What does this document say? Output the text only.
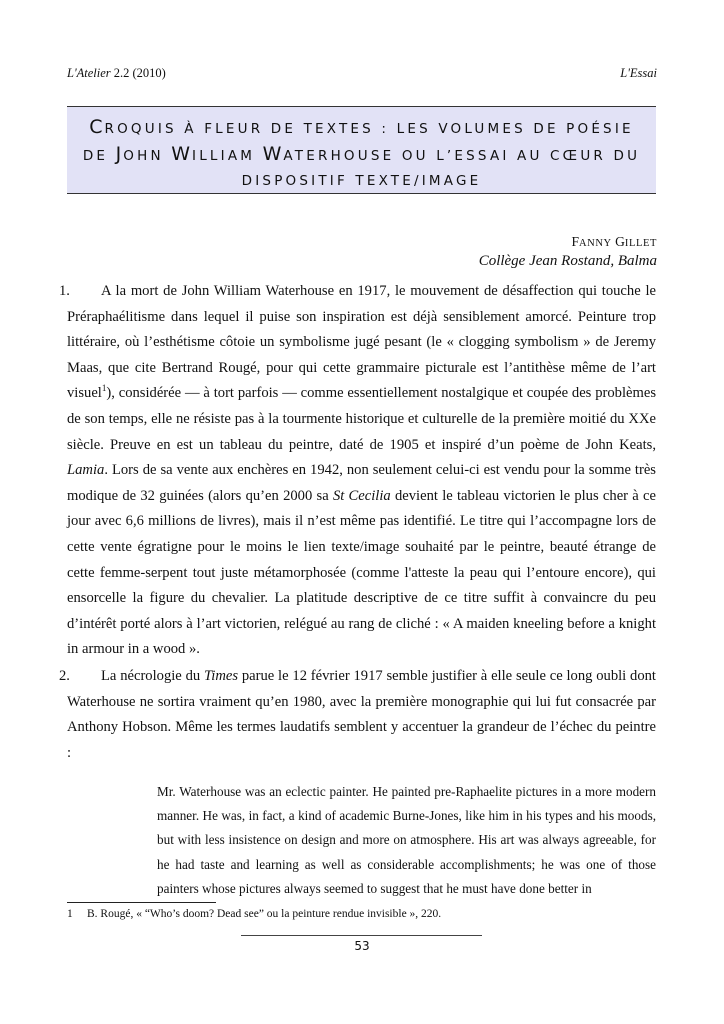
L'Atelier 2.2 (2010)	L'Essai
CROQUIS À FLEUR DE TEXTES : LES VOLUMES DE POÉSIE
DE JOHN WILLIAM WATERHOUSE OU L’ESSAI AU CŒUR DU
DISPOSITIF TEXTE/IMAGE
FANNY GILLET
Collège Jean Rostand, Balma
1.	A la mort de John William Waterhouse en 1917, le mouvement de désaffection qui touche le Préraphaélitisme dans lequel il puise son inspiration est déjà sensiblement amorcé. Peinture trop littéraire, où l’esthétisme côtoie un symbolisme jugé pesant (le « clogging symbolism » de Jeremy Maas, que cite Bertrand Rougé, pour qui cette grammaire picturale est l’antithèse même de l’art visuel$^1$), considérée — à tort parfois — comme essentiellement nostalgique et coupée des problèmes de son temps, elle ne résiste pas à la tourmente historique et culturelle de la première moitié du XXe siècle. Preuve en est un tableau du peintre, daté de 1905 et inspiré d’un poème de John Keats, Lamia. Lors de sa vente aux enchères en 1942, non seulement celui-ci est vendu pour la somme très modique de 32 guinées (alors qu’en 2000 sa St Cecilia devient le tableau victorien le plus cher à ce jour avec 6,6 millions de livres), mais il n’est même pas identifié. Le titre qui l’accompagne lors de cette vente égratigne pour le moins le lien texte/image souhaité par le peintre, beauté étrange de cette femme-serpent tout juste métamorphosée (comme l'atteste la peau qui l’entoure encore), qui ensorcelle la figure du chevalier. La platitude descriptive de ce titre suffit à convaincre du peu d’intérêt porté alors à l’art victorien, relégué au rang de cliché : « A maiden kneeling before a knight in armour in a wood ».
2.	La nécrologie du Times parue le 12 février 1917 semble justifier à elle seule ce long oubli dont Waterhouse ne sortira vraiment qu’en 1980, avec la première monographie qui lui fut consacrée par Anthony Hobson. Même les termes laudatifs semblent y accentuer la grandeur de l’échec du peintre :
Mr. Waterhouse was an eclectic painter. He painted pre-Raphaelite pictures in a more modern manner. He was, in fact, a kind of academic Burne-Jones, like him in his types and his moods, but with less insistence on design and more on atmosphere. His art was always agreeable, for he had taste and learning as well as considerable accomplishments; he was one of those painters whose pictures always seemed to suggest that he must have done better in
1 B. Rougé, « “Who’s doom? Dead see” ou la peinture rendue invisible », 220.
53
